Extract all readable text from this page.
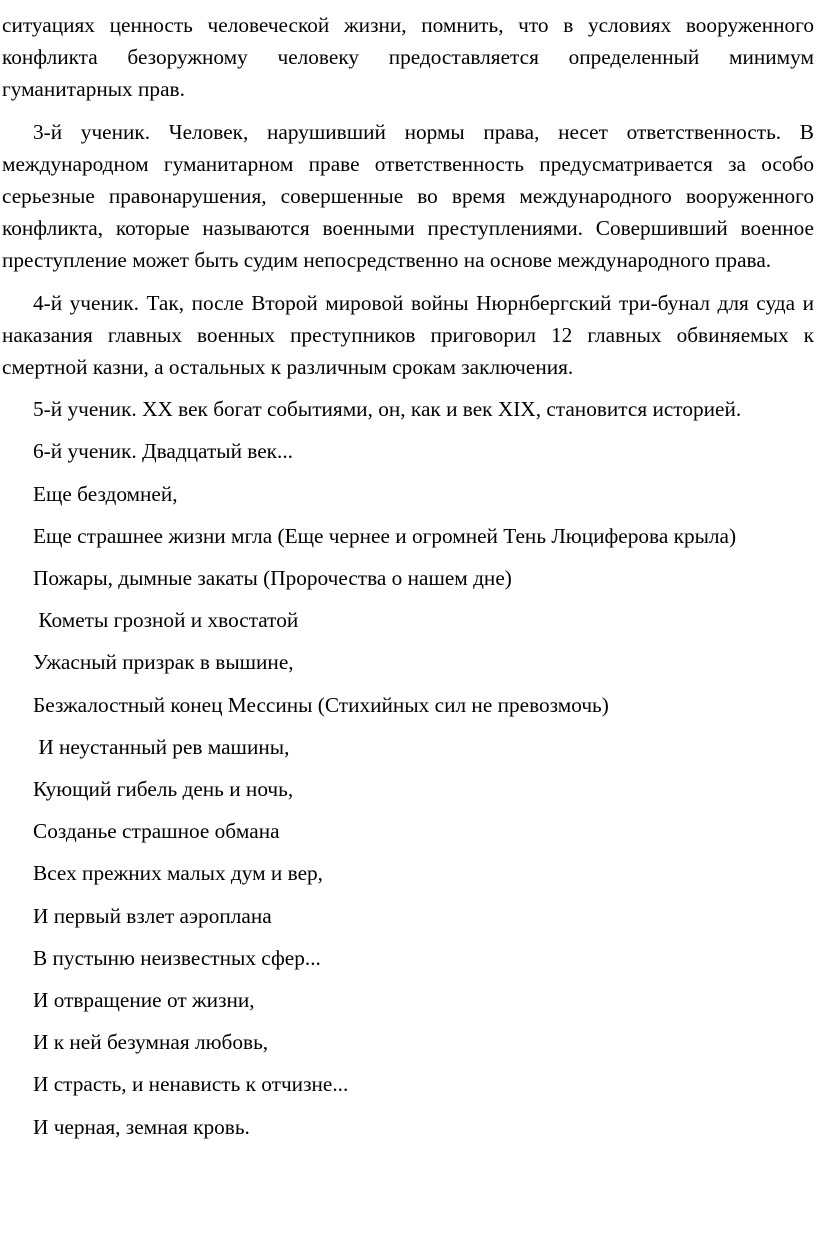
ситуациях ценность человеческой жизни, помнить, что в условиях вооруженного конфликта безоружному человеку предоставляется определенный минимум гуманитарных прав.

3-й ученик. Человек, нарушивший нормы права, несет ответственность. В международном гуманитарном праве ответственность предусматривается за особо серьезные правонарушения, совершенные во время международного вооруженного конфликта, которые называются военными преступлениями. Совершивший военное преступление может быть судим непосредственно на основе международного права.

4-й ученик. Так, после Второй мировой войны Нюрнбергский три-бунал для суда и наказания главных военных преступников приговорил 12 главных обвиняемых к смертной казни, а остальных к различным срокам заключения.

5-й ученик. XX век богат событиями, он, как и век XIX, становится историей.

6-й ученик. Двадцатый век...

Еще бездомней,

Еще страшнее жизни мгла (Еще чернее и огромней Тень Люциферова крыла)

Пожары, дымные закаты (Пророчества о нашем дне)

Кометы грозной и хвостатой

Ужасный призрак в вышине,

Безжалостный конец Мессины (Стихийных сил не превозмочь)

И неустанный рев машины,

Кующий гибель день и ночь,

Созданье страшное обмана

Всех прежних малых дум и вер,

И первый взлет аэроплана

В пустыню неизвестных сфер...

И отвращение от жизни,

И к ней безумная любовь,

И страсть, и ненависть к отчизне...

И черная, земная кровь.
